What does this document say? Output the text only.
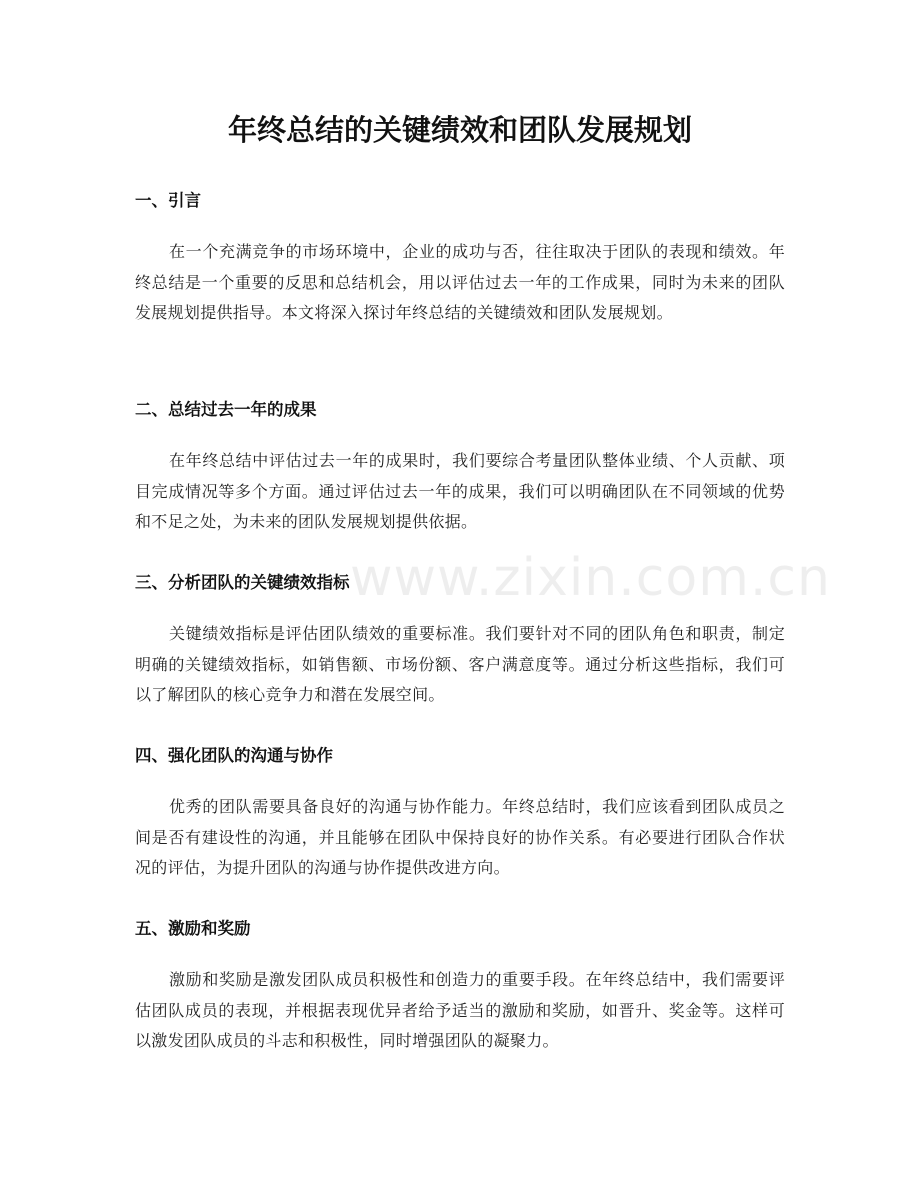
年终总结的关键绩效和团队发展规划
www.zixin.com.cn
一、引言

在一个充满竞争的市场环境中，企业的成功与否，往往取决于团队的表现和绩效。年终总结是一个重要的反思和总结机会，用以评估过去一年的工作成果，同时为未来的团队发展规划提供指导。本文将深入探讨年终总结的关键绩效和团队发展规划。

二、总结过去一年的成果

在年终总结中评估过去一年的成果时，我们要综合考量团队整体业绩、个人贡献、项目完成情况等多个方面。通过评估过去一年的成果，我们可以明确团队在不同领域的优势和不足之处，为未来的团队发展规划提供依据。

三、分析团队的关键绩效指标

关键绩效指标是评估团队绩效的重要标准。我们要针对不同的团队角色和职责，制定明确的关键绩效指标，如销售额、市场份额、客户满意度等。通过分析这些指标，我们可以了解团队的核心竞争力和潜在发展空间。

四、强化团队的沟通与协作

优秀的团队需要具备良好的沟通与协作能力。年终总结时，我们应该看到团队成员之间是否有建设性的沟通，并且能够在团队中保持良好的协作关系。有必要进行团队合作状况的评估，为提升团队的沟通与协作提供改进方向。

五、激励和奖励

激励和奖励是激发团队成员积极性和创造力的重要手段。在年终总结中，我们需要评估团队成员的表现，并根据表现优异者给予适当的激励和奖励，如晋升、奖金等。这样可以激发团队成员的斗志和积极性，同时增强团队的凝聚力。
